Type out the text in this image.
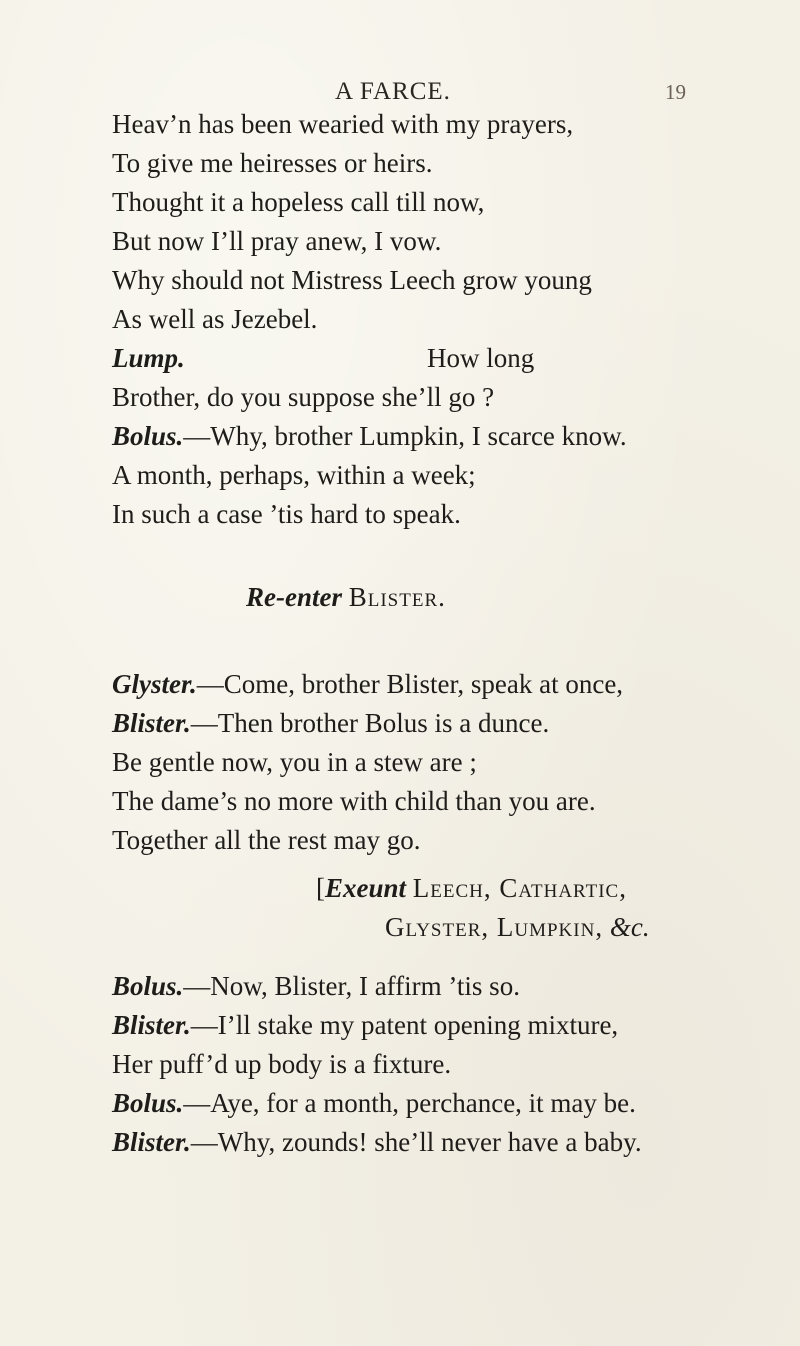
A FARCE.	19
Heav’n has been wearied with my prayers,
To give me heiresses or heirs.
Thought it a hopeless call till now,
But now I’ll pray anew, I vow.
Why should not Mistress Leech grow young
As well as Jezebel.
Lump.	How long
Brother, do you suppose she’ll go ?
Bolus.—Why, brother Lumpkin, I scarce know.
A month, perhaps, within a week;
In such a case ’tis hard to speak.
Re-enter Blister.
Glyster.—Come, brother Blister, speak at once,
Blister.—Then brother Bolus is a dunce.
Be gentle now, you in a stew are ;
The dame’s no more with child than you are.
Together all the rest may go.
[Exeunt Leech, Cathartic,
Glyster, Lumpkin, &c.
Bolus.—Now, Blister, I affirm ’tis so.
Blister.—I’ll stake my patent opening mixture,
Her puff’d up body is a fixture.
Bolus.—Aye, for a month, perchance, it may be.
Blister.—Why, zounds! she’ll never have a baby.
